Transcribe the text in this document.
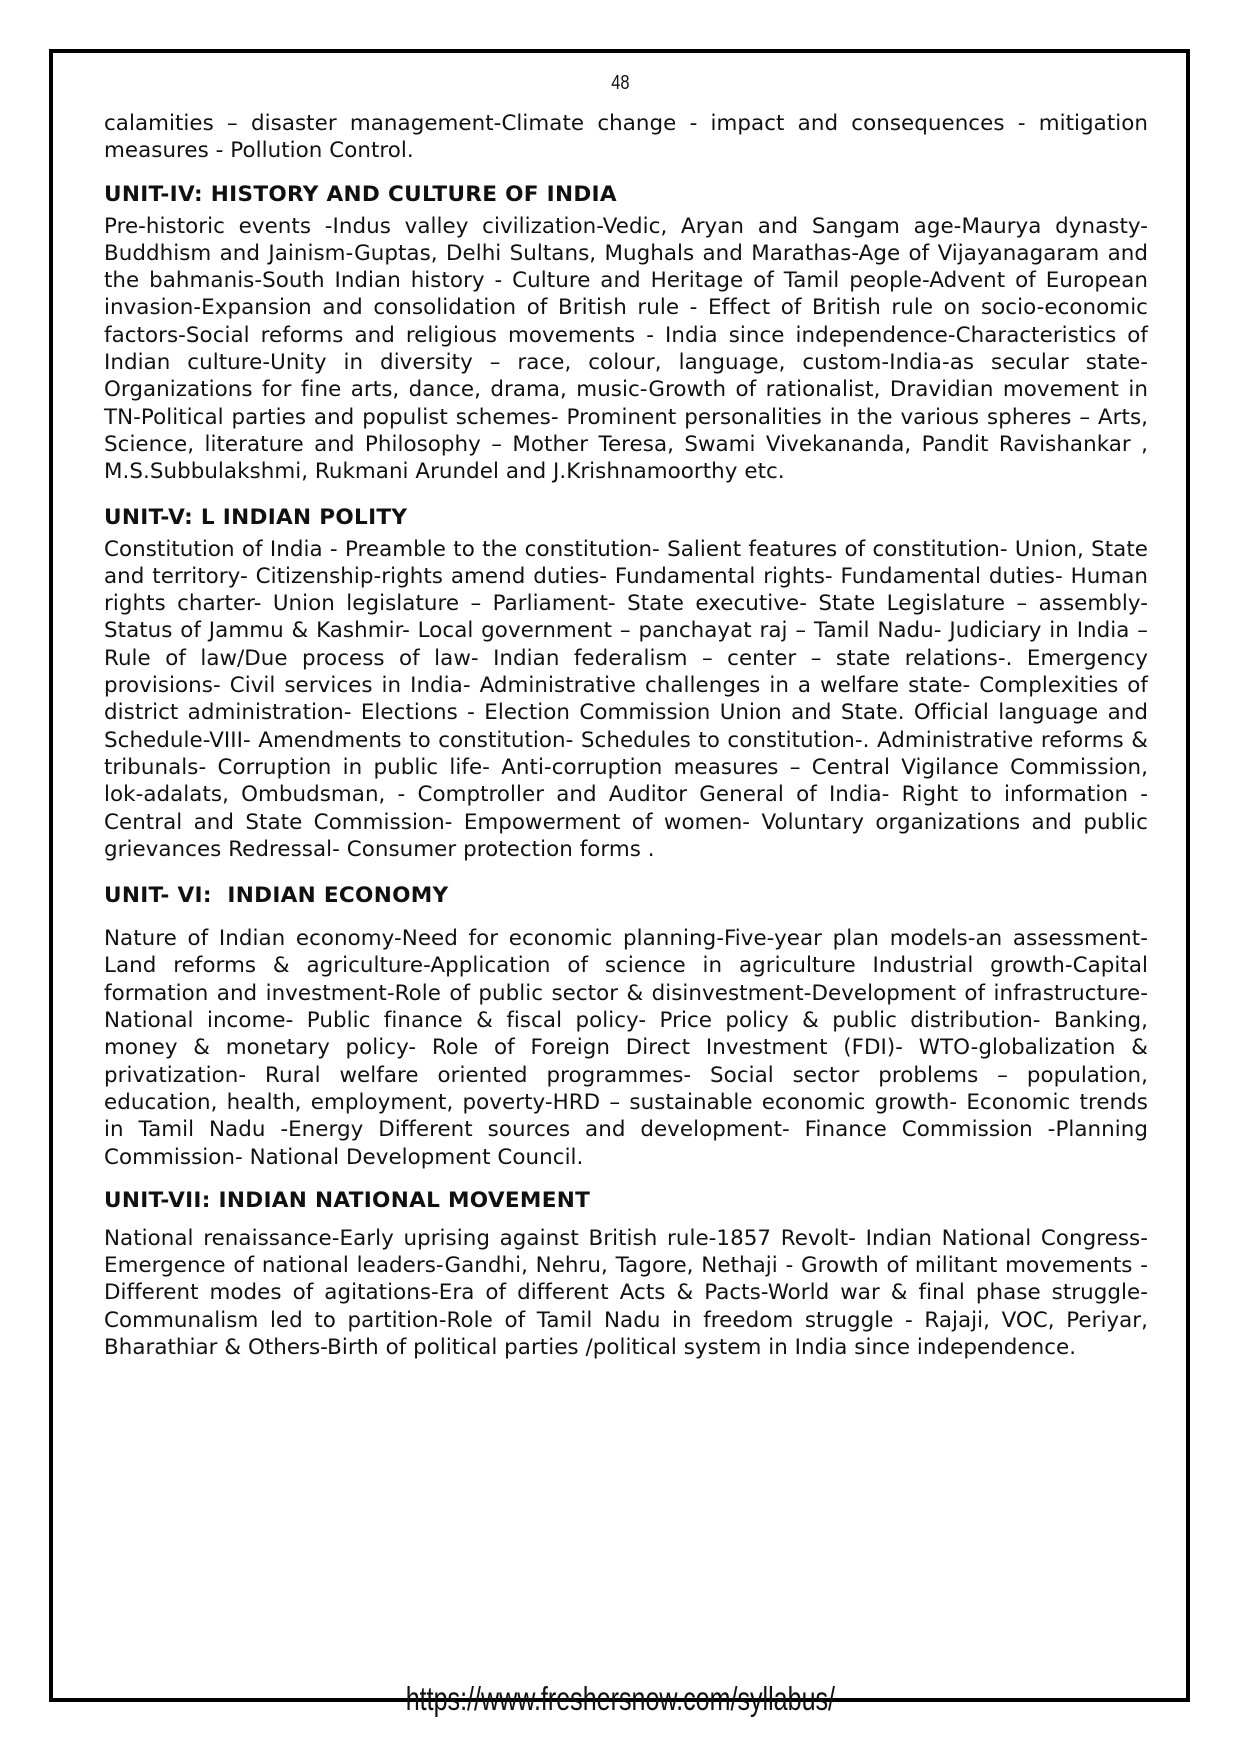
48

calamities – disaster management-Climate change - impact and consequences - mitigation measures - Pollution Control.

UNIT-IV: HISTORY AND CULTURE OF INDIA

Pre-historic events -Indus valley civilization-Vedic, Aryan and Sangam age-Maurya dynasty-Buddhism and Jainism-Guptas, Delhi Sultans, Mughals and Marathas-Age of Vijayanagaram and the bahmanis-South Indian history - Culture and Heritage of Tamil people-Advent of European invasion-Expansion and consolidation of British rule - Effect of British rule on socio-economic factors-Social reforms and religious movements - India since independence-Characteristics of Indian culture-Unity in diversity – race, colour, language, custom-India-as secular state-Organizations for fine arts, dance, drama, music-Growth of rationalist, Dravidian movement in TN-Political parties and populist schemes- Prominent personalities in the various spheres – Arts, Science, literature and Philosophy – Mother Teresa, Swami Vivekananda, Pandit Ravishankar , M.S.Subbulakshmi, Rukmani Arundel and J.Krishnamoorthy etc.

UNIT-V: L INDIAN POLITY

Constitution of India - Preamble to the constitution- Salient features of constitution- Union, State and territory- Citizenship-rights amend duties- Fundamental rights- Fundamental duties- Human rights charter- Union legislature – Parliament- State executive- State Legislature – assembly- Status of Jammu & Kashmir- Local government – panchayat raj – Tamil Nadu- Judiciary in India – Rule of law/Due process of law- Indian federalism – center – state relations-. Emergency provisions- Civil services in India- Administrative challenges in a welfare state- Complexities of district administration- Elections - Election Commission Union and State. Official language and Schedule-VIII- Amendments to constitution- Schedules to constitution-. Administrative reforms & tribunals- Corruption in public life- Anti-corruption measures – Central Vigilance Commission, lok-adalats, Ombudsman, - Comptroller and Auditor General of India- Right to information - Central and State Commission- Empowerment of women- Voluntary organizations and public grievances Redressal- Consumer protection forms .

UNIT- VI:  INDIAN ECONOMY

Nature of Indian economy-Need for economic planning-Five-year plan models-an assessment-Land reforms & agriculture-Application of science in agriculture Industrial growth-Capital formation and investment-Role of public sector & disinvestment-Development of infrastructure- National income- Public finance & fiscal policy- Price policy & public distribution- Banking, money & monetary policy- Role of Foreign Direct Investment (FDI)- WTO-globalization & privatization- Rural welfare oriented programmes- Social sector problems – population, education, health, employment, poverty-HRD – sustainable economic growth- Economic trends in Tamil Nadu -Energy Different sources and development- Finance Commission -Planning Commission- National Development Council.

UNIT-VII: INDIAN NATIONAL MOVEMENT

National renaissance-Early uprising against British rule-1857 Revolt- Indian National Congress-Emergence of national leaders-Gandhi, Nehru, Tagore, Nethaji - Growth of militant movements -Different modes of agitations-Era of different Acts & Pacts-World war & final phase struggle-Communalism led to partition-Role of Tamil Nadu in freedom struggle - Rajaji, VOC, Periyar, Bharathiar & Others-Birth of political parties /political system in India since independence.

https://www.freshersnow.com/syllabus/
